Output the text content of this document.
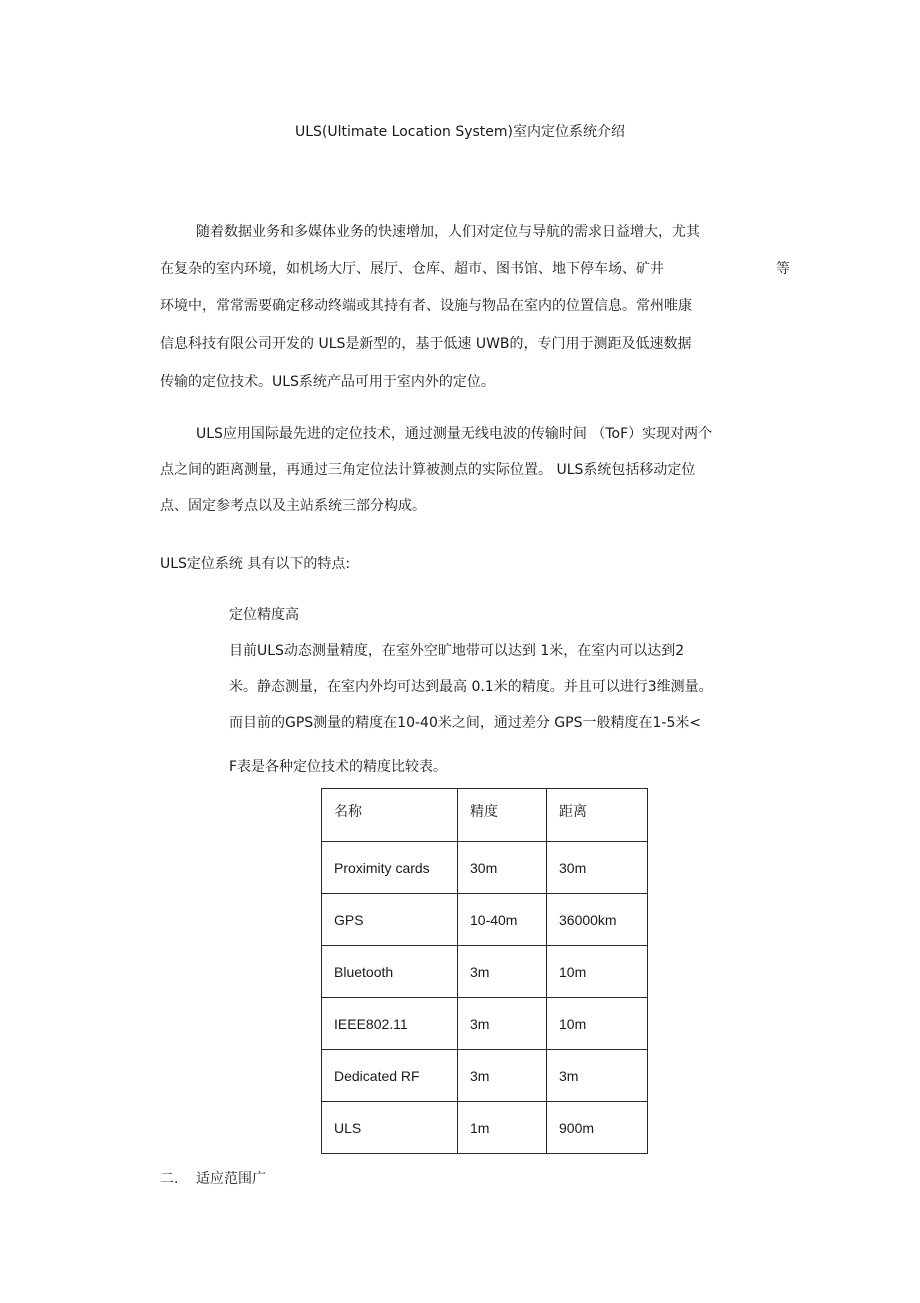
ULS(Ultimate Location System)室内定位系统介绍
随着数据业务和多媒体业务的快速增加，人们对定位与导航的需求日益增大，尤其
在复杂的室内环境，如机场大厅、展厅、仓库、超市、图书馆、地下停车场、矿井	等
环境中，常常需要确定移动终端或其持有者、设施与物品在室内的位置信息。常州唯康
信息科技有限公司开发的 ULS是新型的，基于低速 UWB的，专门用于测距及低速数据
传输的定位技术。ULS系统产品可用于室内外的定位。
ULS应用国际最先进的定位技术，通过测量无线电波的传输时间 （ToF）实现对两个
点之间的距离测量，再通过三角定位法计算被测点的实际位置。 ULS系统包括移动定位
点、固定参考点以及主站系统三部分构成。
ULS定位系统 具有以下的特点:
定位精度高
目前ULS动态测量精度，在室外空旷地带可以达到 1米，在室内可以达到2
米。静态测量，在室内外均可达到最高 0.1米的精度。并且可以进行3维测量。
而目前的GPS测量的精度在10-40米之间，通过差分 GPS一般精度在1-5米<
F表是各种定位技术的精度比较表。
名称	精度	距离
Proximity cards	30m	30m
GPS	10-40m	36000km
Bluetooth	3m	10m
IEEE802.11	3m	10m
Dedicated RF	3m	3m
ULS	1m	900m
二. 适应范围广
